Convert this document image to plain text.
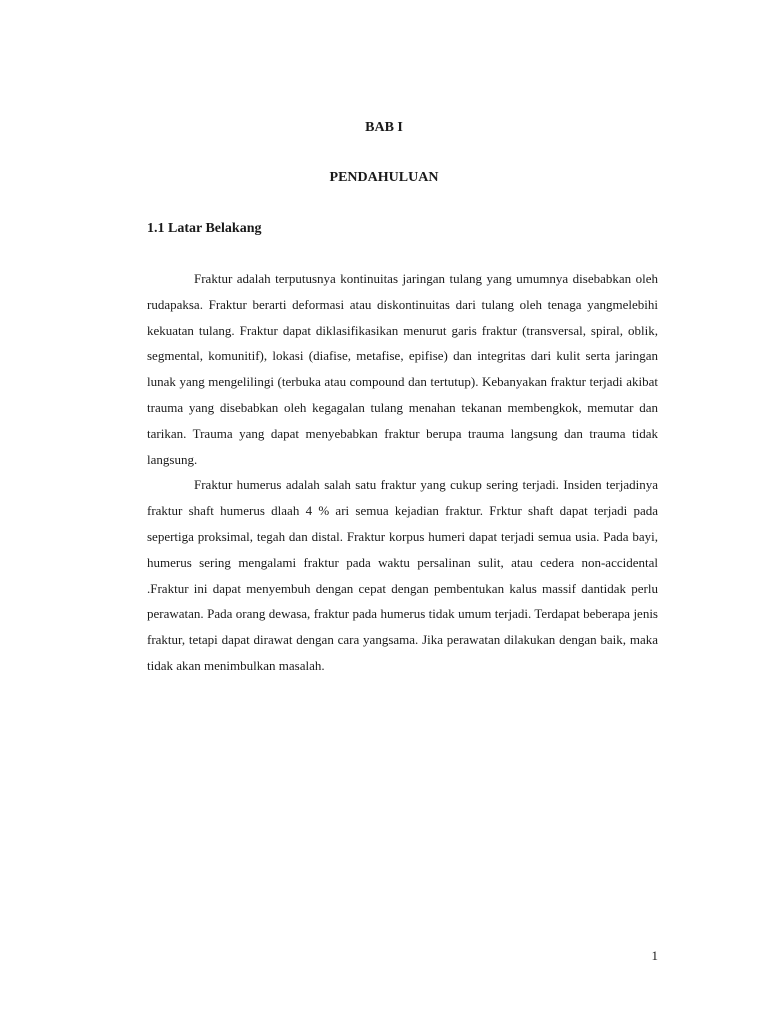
BAB I
PENDAHULUAN
1.1 Latar Belakang

Fraktur adalah terputusnya kontinuitas jaringan tulang yang umumnya disebabkan oleh rudapaksa. Fraktur berarti deformasi atau diskontinuitas dari tulang oleh tenaga yangmelebihi kekuatan tulang. Fraktur dapat diklasifikasikan menurut garis fraktur (transversal, spiral, oblik, segmental, komunitif), lokasi (diafise, metafise, epifise) dan integritas dari kulit serta jaringan lunak yang mengelilingi (terbuka atau compound dan tertutup). Kebanyakan fraktur terjadi akibat trauma yang disebabkan oleh kegagalan tulang menahan tekanan membengkok, memutar dan tarikan. Trauma yang dapat menyebabkan fraktur berupa trauma langsung dan trauma tidak langsung.

Fraktur humerus adalah salah satu fraktur yang cukup sering terjadi. Insiden terjadinya fraktur shaft humerus dlaah 4 % ari semua kejadian fraktur. Frktur shaft dapat terjadi pada sepertiga proksimal, tegah dan distal. Fraktur korpus humeri dapat terjadi semua usia. Pada bayi, humerus sering mengalami fraktur pada waktu persalinan sulit, atau cedera non-accidental .Fraktur ini dapat menyembuh dengan cepat dengan pembentukan kalus massif dantidak perlu perawatan. Pada orang dewasa, fraktur pada humerus tidak umum terjadi. Terdapat beberapa jenis fraktur, tetapi dapat dirawat dengan cara yangsama. Jika perawatan dilakukan dengan baik, maka tidak akan menimbulkan masalah.

1
